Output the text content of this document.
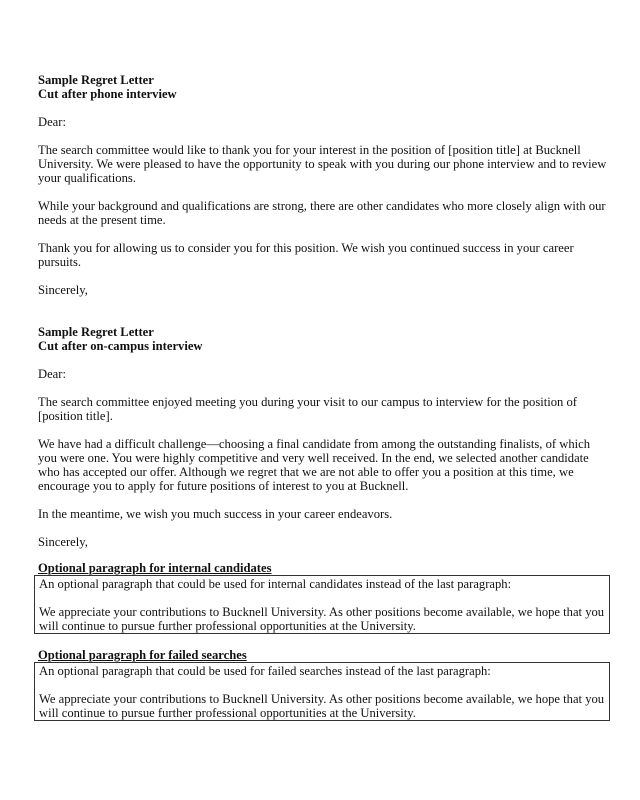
Sample Regret Letter
Cut after phone interview

Dear:

The search committee would like to thank you for your interest in the position of [position title] at Bucknell University. We were pleased to have the opportunity to speak with you during our phone interview and to review your qualifications.

While your background and qualifications are strong, there are other candidates who more closely align with our needs at the present time.

Thank you for allowing us to consider you for this position. We wish you continued success in your career pursuits.

Sincerely,

Sample Regret Letter
Cut after on-campus interview

Dear:

The search committee enjoyed meeting you during your visit to our campus to interview for the position of [position title].

We have had a difficult challenge—choosing a final candidate from among the outstanding finalists, of which you were one. You were highly competitive and very well received. In the end, we selected another candidate who has accepted our offer. Although we regret that we are not able to offer you a position at this time, we encourage you to apply for future positions of interest to you at Bucknell.

In the meantime, we wish you much success in your career endeavors.

Sincerely,

Optional paragraph for internal candidates

An optional paragraph that could be used for internal candidates instead of the last paragraph:

We appreciate your contributions to Bucknell University. As other positions become available, we hope that you will continue to pursue further professional opportunities at the University.

Optional paragraph for failed searches

An optional paragraph that could be used for failed searches instead of the last paragraph:

We appreciate your contributions to Bucknell University. As other positions become available, we hope that you will continue to pursue further professional opportunities at the University.
